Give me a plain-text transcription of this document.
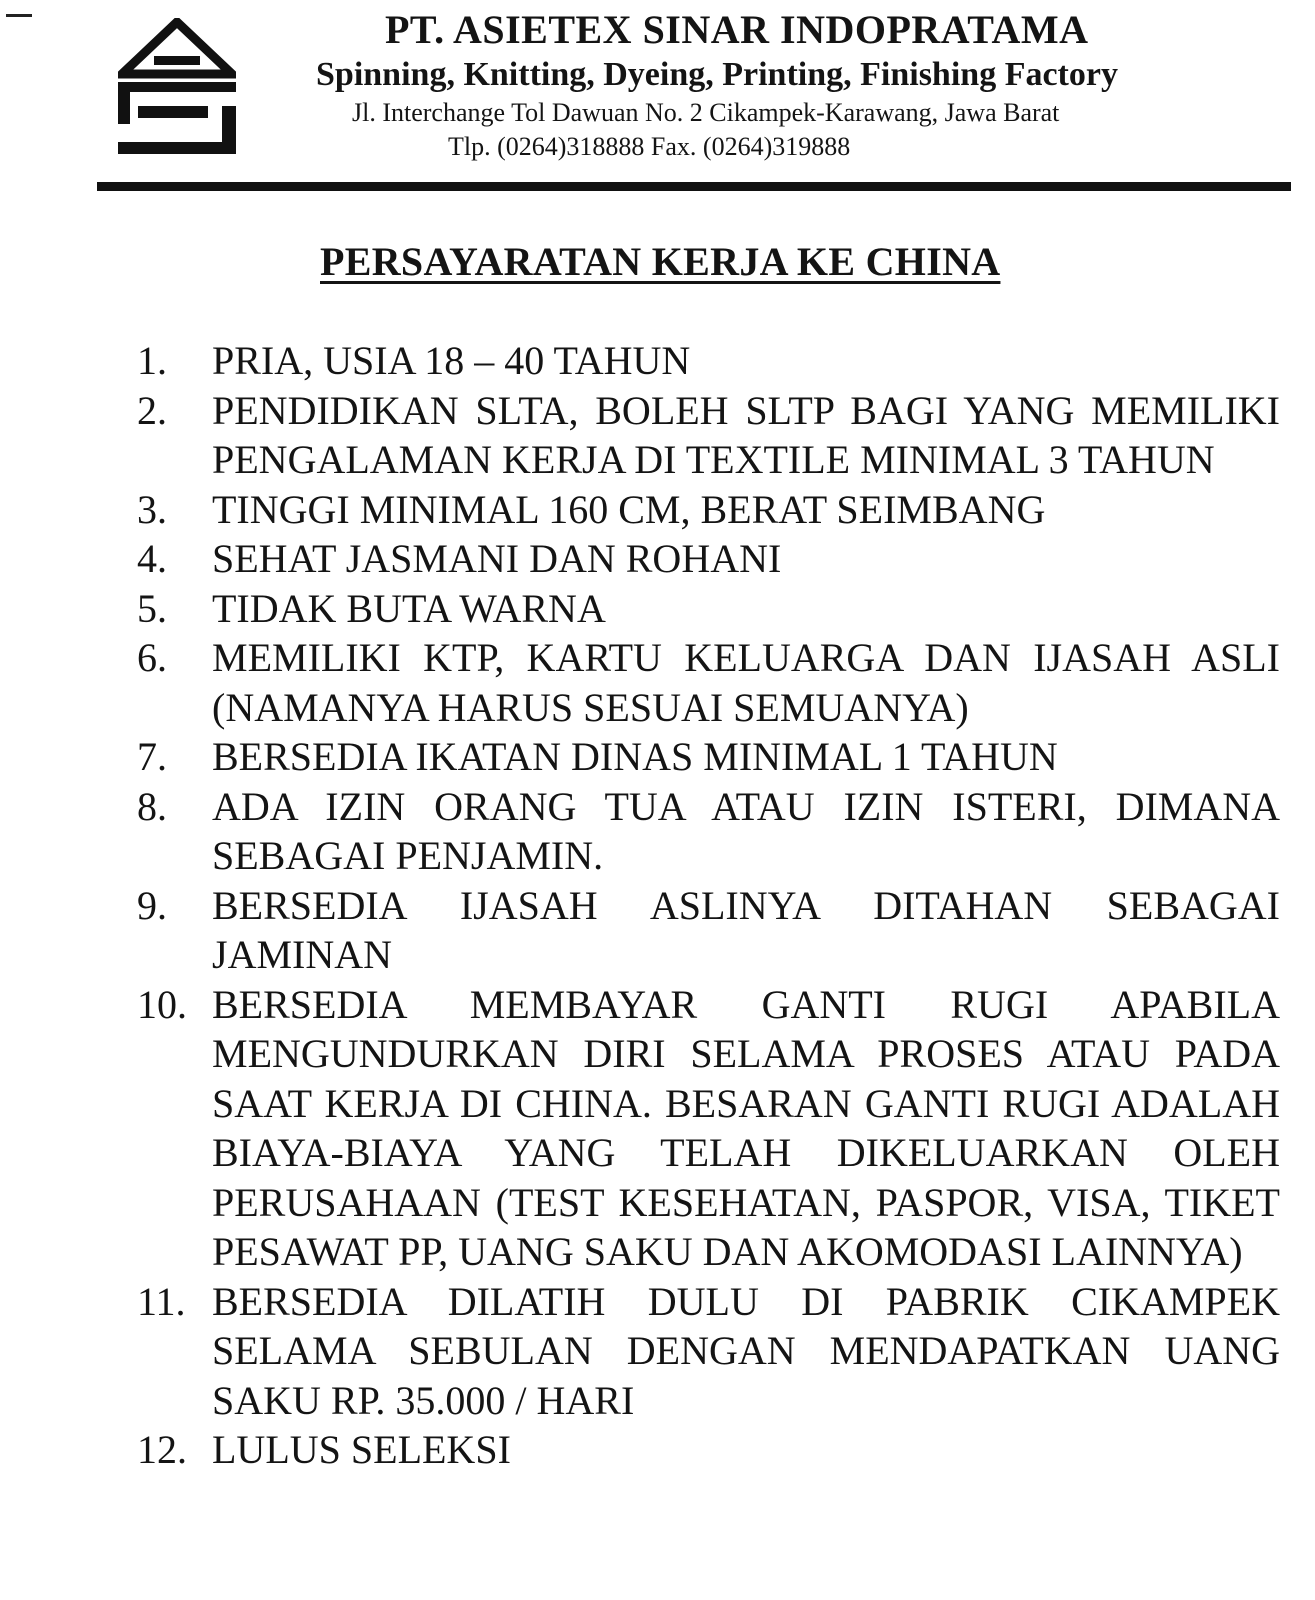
PT. ASIETEX SINAR INDOPRATAMA
Spinning, Knitting, Dyeing, Printing, Finishing Factory
Jl. Interchange Tol Dawuan No. 2 Cikampek-Karawang, Jawa Barat
Tlp. (0264)318888 Fax. (0264)319888
PERSAYARATAN KERJA KE CHINA
1.	PRIA, USIA 18 – 40 TAHUN
2.	PENDIDIKAN SLTA, BOLEH SLTP BAGI YANG MEMILIKI PENGALAMAN KERJA DI TEXTILE MINIMAL 3 TAHUN
3.	TINGGI MINIMAL 160 CM, BERAT SEIMBANG
4.	SEHAT JASMANI DAN ROHANI
5.	TIDAK BUTA WARNA
6.	MEMILIKI KTP, KARTU KELUARGA DAN IJASAH ASLI (NAMANYA HARUS SESUAI SEMUANYA)
7.	BERSEDIA IKATAN DINAS MINIMAL 1 TAHUN
8.	ADA IZIN ORANG TUA ATAU IZIN ISTERI, DIMANA SEBAGAI PENJAMIN.
9.	BERSEDIA IJASAH ASLINYA DITAHAN SEBAGAI JAMINAN
10. BERSEDIA MEMBAYAR GANTI RUGI APABILA MENGUNDURKAN DIRI SELAMA PROSES ATAU PADA SAAT KERJA DI CHINA. BESARAN GANTI RUGI ADALAH BIAYA-BIAYA YANG TELAH DIKELUARKAN OLEH PERUSAHAAN (TEST KESEHATAN, PASPOR, VISA, TIKET PESAWAT PP, UANG SAKU DAN AKOMODASI LAINNYA)
11. BERSEDIA DILATIH DULU DI PABRIK CIKAMPEK SELAMA SEBULAN DENGAN MENDAPATKAN UANG SAKU RP. 35.000 / HARI
12. LULUS SELEKSI
